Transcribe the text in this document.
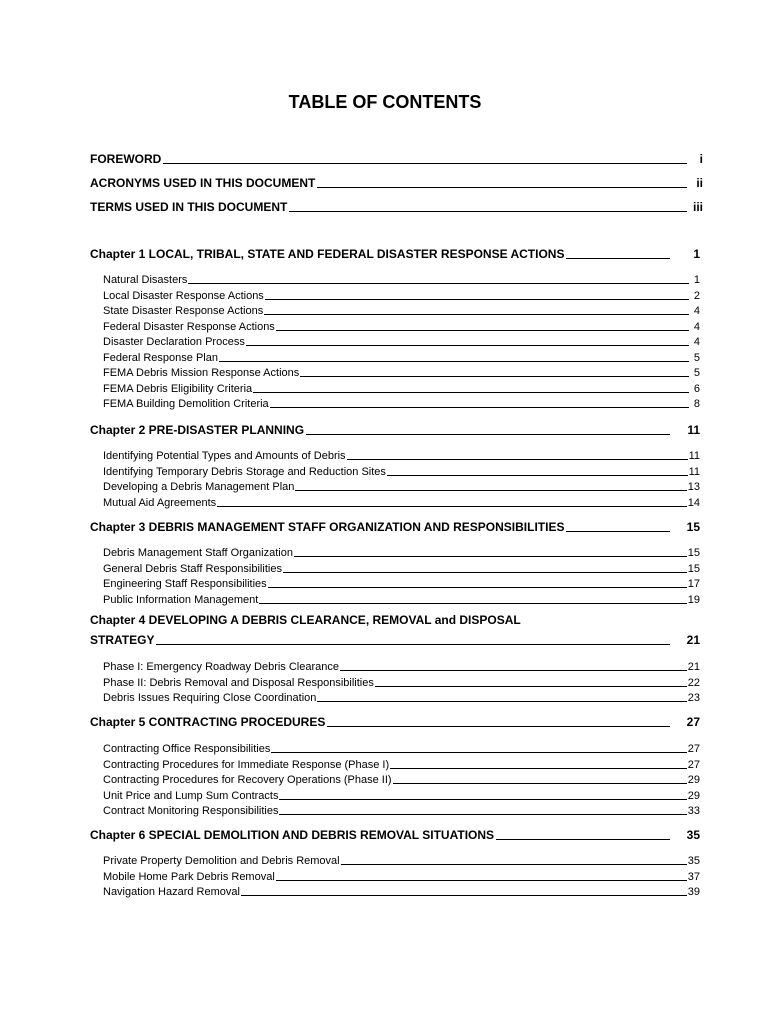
TABLE OF CONTENTS
FOREWORD	i
ACRONYMS USED IN THIS DOCUMENT	ii
TERMS USED IN THIS DOCUMENT	iii
Chapter 1 LOCAL, TRIBAL, STATE AND FEDERAL DISASTER RESPONSE ACTIONS	1
Natural Disasters	1
Local Disaster Response Actions	2
State Disaster Response Actions	4
Federal Disaster Response Actions	4
Disaster Declaration Process	4
Federal Response Plan	5
FEMA Debris Mission Response Actions	5
FEMA Debris Eligibility Criteria	6
FEMA Building Demolition Criteria	8
Chapter 2 PRE-DISASTER PLANNING	11
Identifying Potential Types and Amounts of Debris	11
Identifying Temporary Debris Storage and Reduction Sites	11
Developing a Debris Management Plan	13
Mutual Aid Agreements	14
Chapter 3 DEBRIS MANAGEMENT STAFF ORGANIZATION AND RESPONSIBILITIES	15
Debris Management Staff Organization	15
General Debris Staff Responsibilities	15
Engineering Staff Responsibilities	17
Public Information Management	19
Chapter 4 DEVELOPING A DEBRIS CLEARANCE, REMOVAL and DISPOSAL
STRATEGY	21
Phase I: Emergency Roadway Debris Clearance	21
Phase II: Debris Removal and Disposal Responsibilities	22
Debris Issues Requiring Close Coordination	23
Chapter 5 CONTRACTING PROCEDURES	27
Contracting Office Responsibilities	27
Contracting Procedures for Immediate Response (Phase I)	27
Contracting Procedures for Recovery Operations (Phase II)	29
Unit Price and Lump Sum Contracts	29
Contract Monitoring Responsibilities	33
Chapter 6 SPECIAL DEMOLITION AND DEBRIS REMOVAL SITUATIONS	35
Private Property Demolition and Debris Removal	35
Mobile Home Park Debris Removal	37
Navigation Hazard Removal	39
